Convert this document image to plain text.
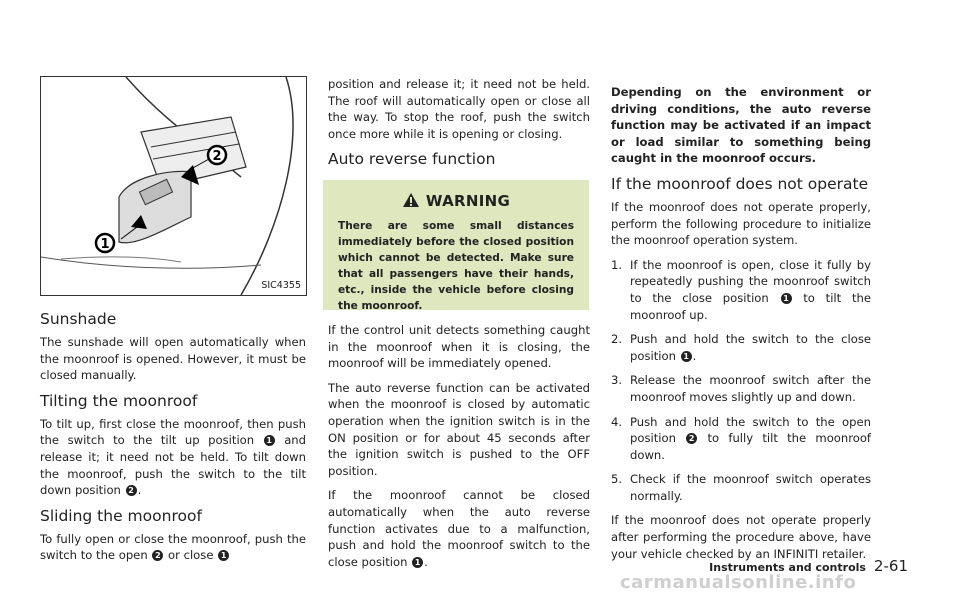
2
1
SIC4355
Sunshade

The sunshade will open automatically when the moonroof is opened. However, it must be closed manually.

Tilting the moonroof

To tilt up, first close the moonroof, then push the switch to the tilt up position 1 and release it; it need not be held. To tilt down the moonroof, push the switch to the tilt down position 2 .

Sliding the moonroof

To fully open or close the moonroof, push the switch to the open 2 or close 1

position and release it; it need not be held. The roof will automatically open or close all the way. To stop the roof, push the switch once more while it is opening or closing.

Auto reverse function
WARNING
There are some small distances immediately before the closed position which cannot be detected. Make sure that all passengers have their hands, etc., inside the vehicle before closing the moonroof.

If the control unit detects something caught in the moonroof when it is closing, the moonroof will be immediately opened.

The auto reverse function can be activated when the moonroof is closed by automatic operation when the ignition switch is in the ON position or for about 45 seconds after the ignition switch is pushed to the OFF position.

If the moonroof cannot be closed automatically when the auto reverse function activates due to a malfunction, push and hold the moonroof switch to the close position 1 .

Depending on the environment or driving conditions, the auto reverse function may be activated if an impact or load similar to something being caught in the moonroof occurs.

If the moonroof does not operate

If the moonroof does not operate properly, perform the following procedure to initialize the moonroof operation system.

1. If the moonroof is open, close it fully by repeatedly pushing the moonroof switch to the close position 1 to tilt the moonroof up.
2. Push and hold the switch to the close position 1 .
3. Release the moonroof switch after the moonroof moves slightly up and down.
4. Push and hold the switch to the open position 2 to fully tilt the moonroof down.
5. Check if the moonroof switch operates normally.

If the moonroof does not operate properly after performing the procedure above, have your vehicle checked by an INFINITI retailer.

Instruments and controls 2-61
carmanualsonline.info
